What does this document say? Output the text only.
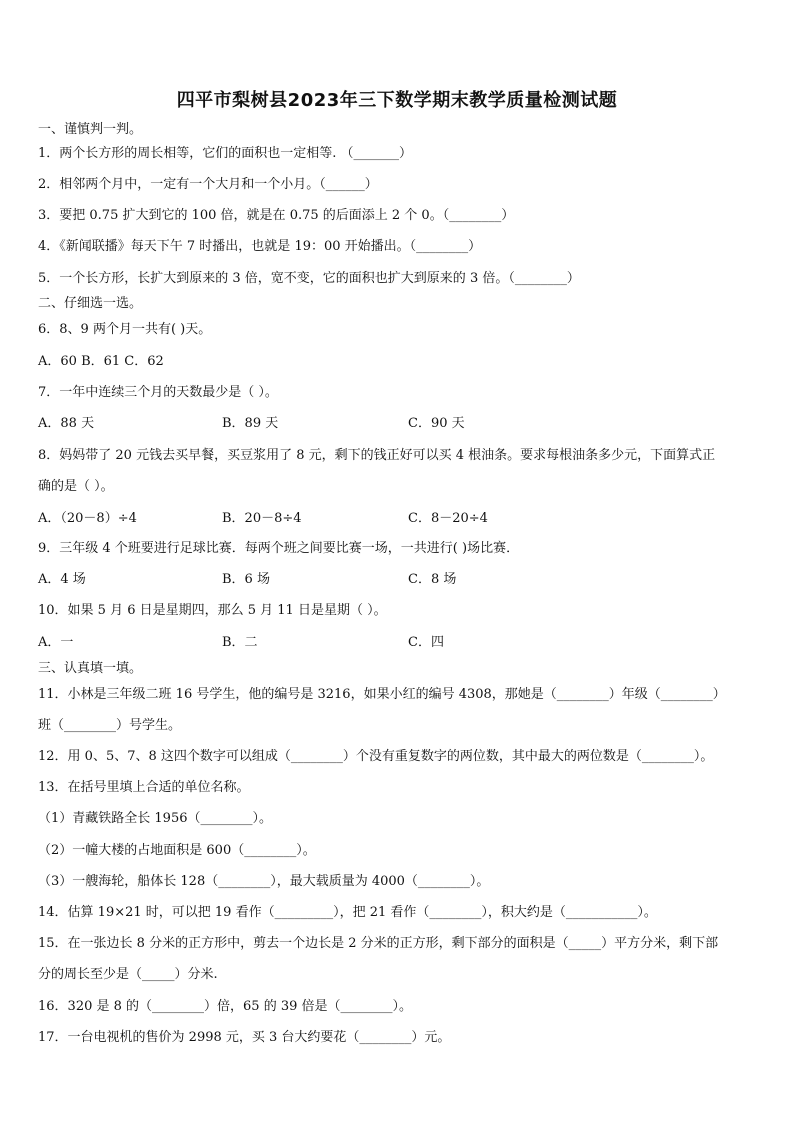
四平市梨树县2023年三下数学期末教学质量检测试题
一、谨慎判一判。
1．两个长方形的周长相等，它们的面积也一定相等. （_______）
2．相邻两个月中，一定有一个大月和一个小月。（______）
3．要把 0.75 扩大到它的 100 倍，就是在 0.75 的后面添上 2 个 0。（________）
4．《新闻联播》每天下午 7 时播出，也就是 19：00 开始播出。（________）
5．一个长方形，长扩大到原来的 3 倍，宽不变，它的面积也扩大到原来的 3 倍。（________）
二、仔细选一选。
6．8、9 两个月一共有( )天。
A．60 B．61 C．62
7．一年中连续三个月的天数最少是（ ）。
A．88 天	B．89 天	C．90 天
8．妈妈带了 20 元钱去买早餐，买豆浆用了 8 元，剩下的钱正好可以买 4 根油条。要求每根油条多少元，下面算式正
确的是（ ）。
A．（20－8）÷4	B．20－8÷4	C．8－20÷4
9．三年级 4 个班要进行足球比赛．每两个班之间要比赛一场，一共进行( )场比赛．
A．4 场	B．6 场	C．8 场
10．如果 5 月 6 日是星期四，那么 5 月 11 日是星期（ ）。
A．一	B．二	C．四
三、认真填一填。
11．小林是三年级二班 16 号学生，他的编号是 3216，如果小红的编号 4308，那她是（________）年级（________）
班（________）号学生。
12．用 0、5、7、8 这四个数字可以组成（________）个没有重复数字的两位数，其中最大的两位数是（________）。
13．在括号里填上合适的单位名称。
（1）青藏铁路全长 1956（________）。
（2）一幢大楼的占地面积是 600（________）。
（3）一艘海轮，船体长 128（________），最大载质量为 4000（________）。
14．估算 19×21 时，可以把 19 看作（_________），把 21 看作（________），积大约是（___________）。
15．在一张边长 8 分米的正方形中，剪去一个边长是 2 分米的正方形，剩下部分的面积是（_____）平方分米，剩下部
分的周长至少是（_____）分米.
16．320 是 8 的（________）倍，65 的 39 倍是（________）。
17．一台电视机的售价为 2998 元，买 3 台大约要花（________）元。
